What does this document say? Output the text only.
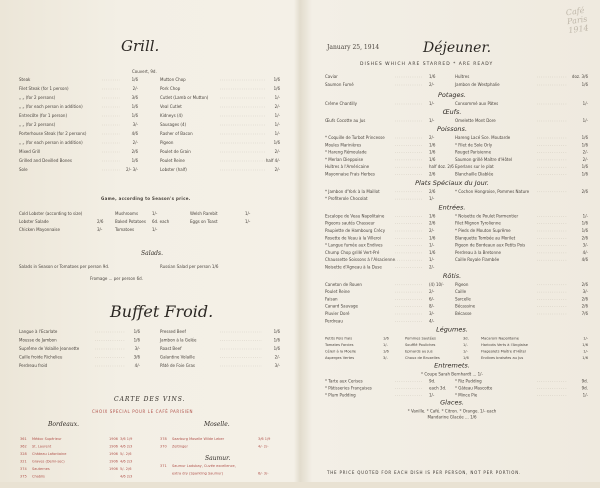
Grill.
Couvert, 9d.
Steak	1/6	Mutton Chop	1/6
Filet Steak (for 1 person)	2/-	Pork Chop	1/6
„ „ (for 2 persons)	3/6	Cutlet (Lamb or Mutton)	1/-
„ „ (for each person in addition)	1/6	Veal Cutlet	2/-
Entrecôte (for 1 person)	1/6	Kidneys (4)	1/-
„ „ (for 2 persons)	3/-	Sausages (4)	1/-
Porterhouse Steak (for 2 persons)	4/6	Rasher of Bacon	1/-
„ „ (for each person in addition)	2/-	Pigeon	1/6
Mixed Grill	2/6	Poulet de Grain	2/-
Grilled and Devilled Bones	1/6	Poulet Reine	half 4/-
Sole	2/- 3/-	Lobster (half)	2/-
Game, according to Season's price.
Cold Lobster (according to size)	Mushrooms	1/-	Welsh Rarebit	1/-
Lobster Salade	2/6	Baked Potatoes 6d. each	Eggs on Toast	1/-
Chicken Mayonnaise	3/-	Tomatoes	1/-
Salads.
Salads in Season or Tomatoes per person 9d.	Russian Salad per person 1/6
Fromage ... per person 6d.
Buffet Froid.
Langue à l'Ecarlate	1/6	Pressed Beef	1/6
Mousse de Jambon	1/6	Jambon à la Gelée	1/6
Suprême de Volaille Jeannette	3/-	Roast Beef	1/6
Caille froide Richelieu	3/6	Galantine Volaille	2/-
Perdreau froid	4/-	Pâté de Foie Gras	3/-
CARTE DES VINS.
CHOIX SPECIAL POUR LE CAFÉ PARISIEN
Bordeaux.	Moselle.
Saumur.
361 Médoc Supérieur	1906 3/6 1/9
362 St. Laurent	1906 4/6 2/3
328 Château Lafontaine	1906 5/- 2/6
321 Graves (Demi-sec)	1906 4/6 2/3
374 Sauternes	1906 5/- 2/6
375 Chablis	4/6 2/3
378 Saarburg Moselle Wilde Leber	3/6 1/9
370 Zeltinger	4/- 2/-
371 Saumur Ladubay, Cuvée excellence,
extra dry (Sparkling Saumur)	6/- 3/-
Café Paris 1914
January 25, 1914	Déjeuner.
DISHES WHICH ARE STARRED * ARE READY
Caviar	1/6	Huîtres	doz. 3/6
Saumon Fumé	2/-	Jambon de Westphalie	1/6
Potages.
Crème Chantilly	1/-	Consommé aux Pâtes	1/-
Œufs.
Œufs Cocotte au Jus	1/-	Omelette Mont Dore	1/-
Poissons.
* Coquille de Turbot Princesse	2/-	Hareng Lacé Sce. Moutarde	1/6
Moules Marinières	1/6	* Filet de Sole Orly	1/6
* Hareng Rémoulade	1/6	Rouget Parisienne	2/-
* Merlan Dieppoise	1/6	Saumon grillé Maître d'Hôtel	2/-
Huîtres à l'Américaine	half doz. 2/6 Eperlans sur le plat	1/6
Mayonnaise Frais Herbes	2/6	Blanchaille Diablée	1/6
Plats Spéciaux du Jour.
* Jambon d'York à la Maillot	2/6	* Cochon Hongroise, Pommes Nature	2/6
* Profiterole Chocolat	1/-
Entrées.
Escalope de Veau Napolitaine	1/6	* Noisette de Poulet Parmentier	1/-
Pigeons sautés Chasseur	2/6	Filet Mignon Tyrolienne	1/6
Paupiette de Hambourg Crécy	2/-	* Pieds de Mouton Suprême	1/6
Rosette de Veau à la Villeroi	1/6	Blanquette Tombée au Morilet	2/6
* Langue fumée aux Endives	1/-	Pigeon de Bordeaux aux Petits Pois	3/-
Chump Chop grillé Vert-Pré	1/6	Perdreau à la Bretonne	4/-
Chaussette Soissons à l'Alsacienne	1/-	Caille Royale Flambée	4/6
Noisette d'Agneau à la Duse	2/-
Rôtis.
Caneton de Rouen	(4) 10/-	Pigeon	2/6
Poulet Reine	2/-	Caille	3/-
Faisan	6/-	Sarcelle	2/6
Canard Sauvage	8/-	Bécassine	2/6
Pluvier Doré	3/-	Bécasse	7/6
Perdreau	4/-
Légumes.
Petits Pois frais	1/6	Pommes Sautées	3d.	Macaroni Napolitaine	1/-
Tomates Farcies	1/-	Soufflé Pouliches	1/-	Haricots Verts à l'Anglaise	1/6
Céleri à la Moelle	1/6	Epinards au Jus	1/-	Flageolets Maître d'Hôtel	1/-
Asperges Vertes	3/-	Choux de Bruxelles	1/6	Endives braisées au Jus	1/6
Entremets.
* Coupe Sarah Bernhardt ... 1/-
* Tarte aux Cerises	9d.	* Riz Pudding	9d.
* Pâtisseries Françaises	each 3d. * Gâteau Mascotte	9d.
* Plum Pudding	1/-	* Mince Pie	1/-
Glaces.
* Vanille. * Café. * Citron. * Orange. 1/- each
Mandarine Glacée ... 1/6
THE PRICE QUOTED FOR EACH DISH IS PER PERSON, NOT PER PORTION.
